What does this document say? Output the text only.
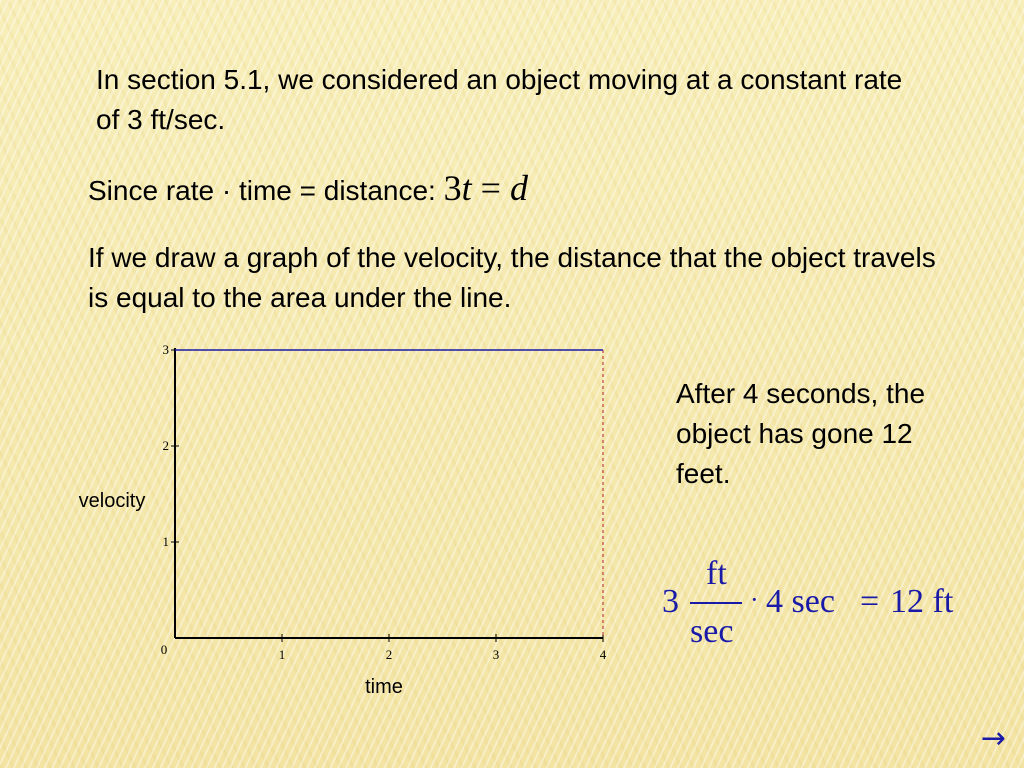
In section 5.1, we considered an object moving at a constant rate of 3 ft/sec.

Since rate · time = distance: 3t = d

If we draw a graph of the velocity, the distance that the object travels is equal to the area under the line.

1	2	3	4
1
2
3
0
velocity
time

After 4 seconds, the object has gone 12 feet.

3
ft
sec
· 4 sec = 12 ft
→
